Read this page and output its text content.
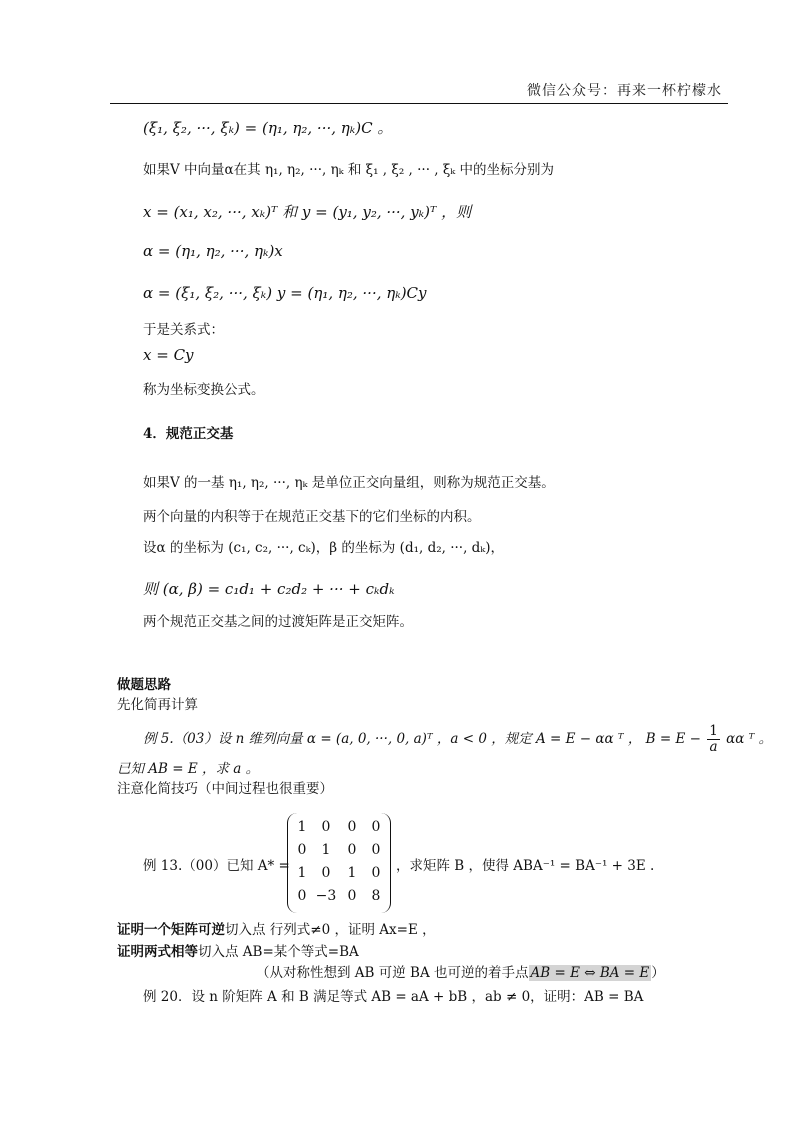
微信公众号：再来一杯柠檬水
(ξ₁, ξ₂, ···, ξₖ) = (η₁, η₂, ···, ηₖ)C 。
如果V 中向量α在其 η₁, η₂, ···, ηₖ 和 ξ₁ , ξ₂ , ··· , ξₖ 中的坐标分别为
x = (x₁, x₂, ···, xₖ)ᵀ 和 y = (y₁, y₂, ···, yₖ)ᵀ ，则
α = (η₁, η₂, ···, ηₖ)x
α = (ξ₁, ξ₂, ···, ξₖ) y = (η₁, η₂, ···, ηₖ)Cy
于是关系式：
x = Cy
称为坐标变换公式。
4．规范正交基
如果V 的一基 η₁, η₂, ···, ηₖ 是单位正交向量组，则称为规范正交基。
两个向量的内积等于在规范正交基下的它们坐标的内积。
设α 的坐标为 (c₁, c₂, ···, cₖ)，β 的坐标为 (d₁, d₂, ···, dₖ)，
则 (α, β) = c₁d₁ + c₂d₂ + ··· + cₖdₖ
两个规范正交基之间的过渡矩阵是正交矩阵。
做题思路
先化简再计算
例 5.（03）设 n 维列向量 α = (a, 0, ···, 0, a)ᵀ ，a < 0 ，规定 A = E − αα ᵀ ， $B = E - \frac{1}{a}$ αα ᵀ 。
已知 AB = E ，求 a 。
注意化简技巧（中间过程也很重要）
例 13.（00）已知 A* =
1	0	0	0
0	1	0	0
1	0	1	0
0 −3 0	8
，求矩阵 B ，使得 ABA⁻¹ = BA⁻¹ + 3E .
证明一个矩阵可逆切入点 行列式≠0 ，证明 Ax=E ，
证明两式相等切入点 AB=某个等式=BA
（从对称性想到 AB 可逆 BA 也可逆的着手点 AB = E ⇔ BA = E ）
例 20．设 n 阶矩阵 A 和 B 满足等式 AB = aA + bB ，ab ≠ 0，证明：AB = BA
